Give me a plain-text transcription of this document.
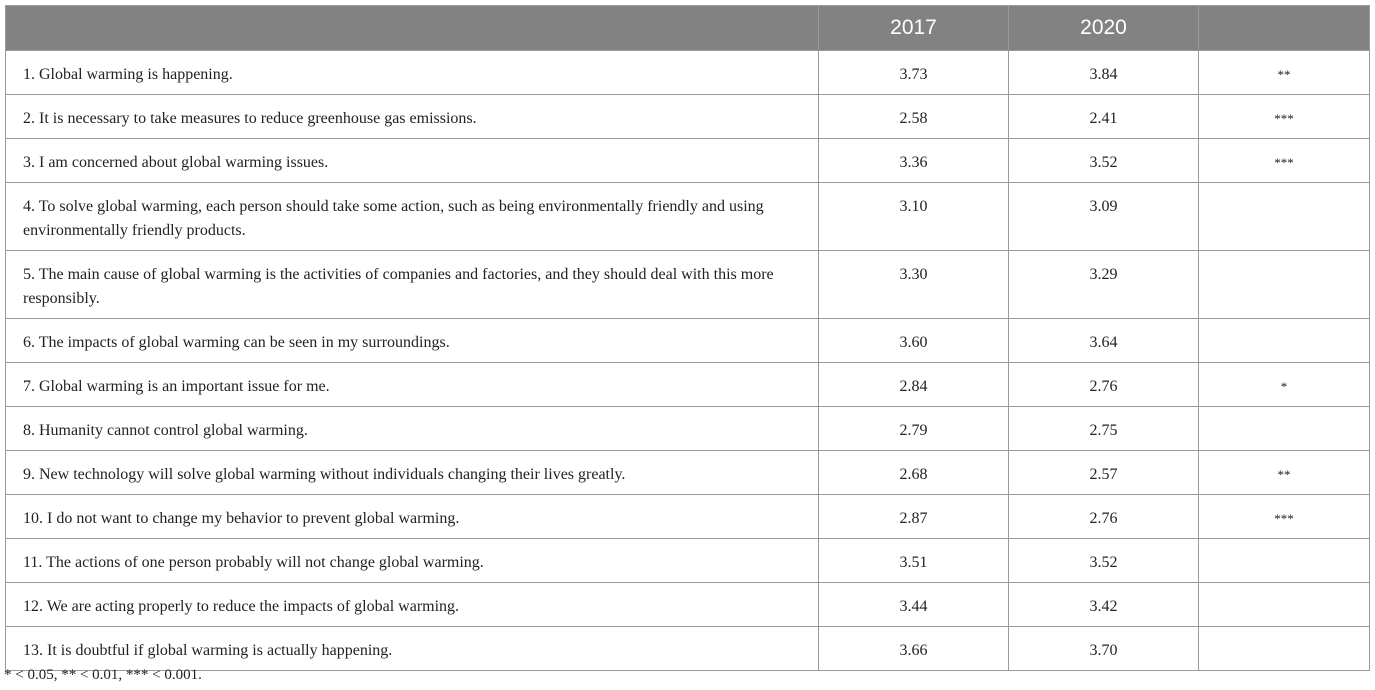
	2017	2020	
1. Global warming is happening.	3.73	3.84	**
2. It is necessary to take measures to reduce greenhouse gas emissions.	2.58	2.41	***
3. I am concerned about global warming issues.	3.36	3.52	***
4. To solve global warming, each person should take some action, such as being environmentally friendly and using environmentally friendly products.	3.10	3.09	
5. The main cause of global warming is the activities of companies and factories, and they should deal with this more responsibly.	3.30	3.29	
6. The impacts of global warming can be seen in my surroundings.	3.60	3.64	
7. Global warming is an important issue for me.	2.84	2.76	*
8. Humanity cannot control global warming.	2.79	2.75	
9. New technology will solve global warming without individuals changing their lives greatly.	2.68	2.57	**
10. I do not want to change my behavior to prevent global warming.	2.87	2.76	***
11. The actions of one person probably will not change global warming.	3.51	3.52	
12. We are acting properly to reduce the impacts of global warming.	3.44	3.42	
13. It is doubtful if global warming is actually happening.	3.66	3.70	
* < 0.05, ** < 0.01, *** < 0.001.
